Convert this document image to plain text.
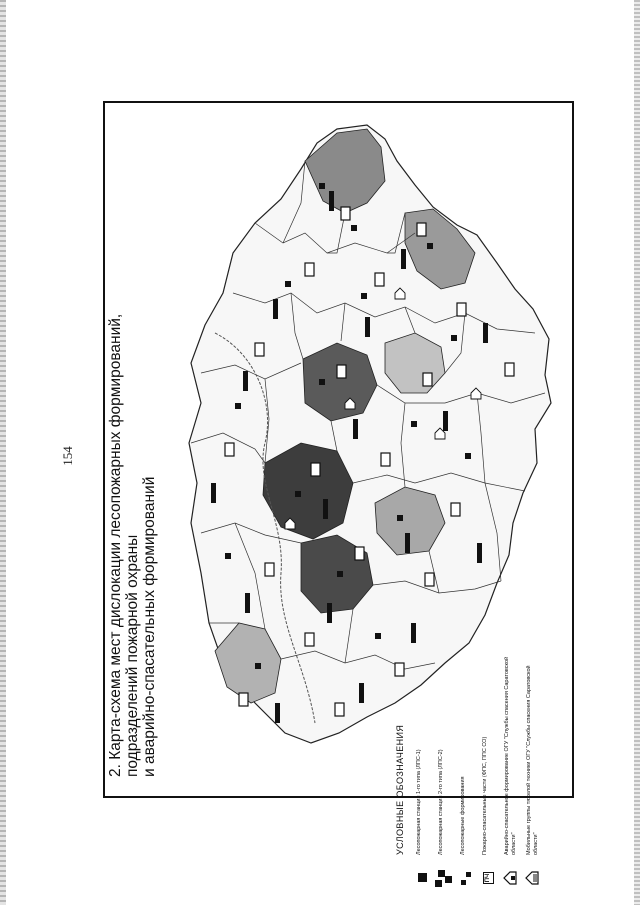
154 2. Карта-схема мест дислокации лесопожарных формирований, подразделений пожарной охраны и аварийно-спасательных формирований
УСЛОВНЫЕ ОБОЗНАЧЕНИЯ	Лесопожарная станция 1-го типа (ЛПС-1)	Лесопожарная станция 2-го типа (ЛПС-2)	Лесопожарные формирования
ПЧ
Пожарно-спасательные части (ФПС, ППС СО)	Аварийно-спасательное формирование ОГУ "Службы спасения Саратовской области"	Мобильные группы тяжелой техники ОГУ "Службы спасения Саратовской области"
